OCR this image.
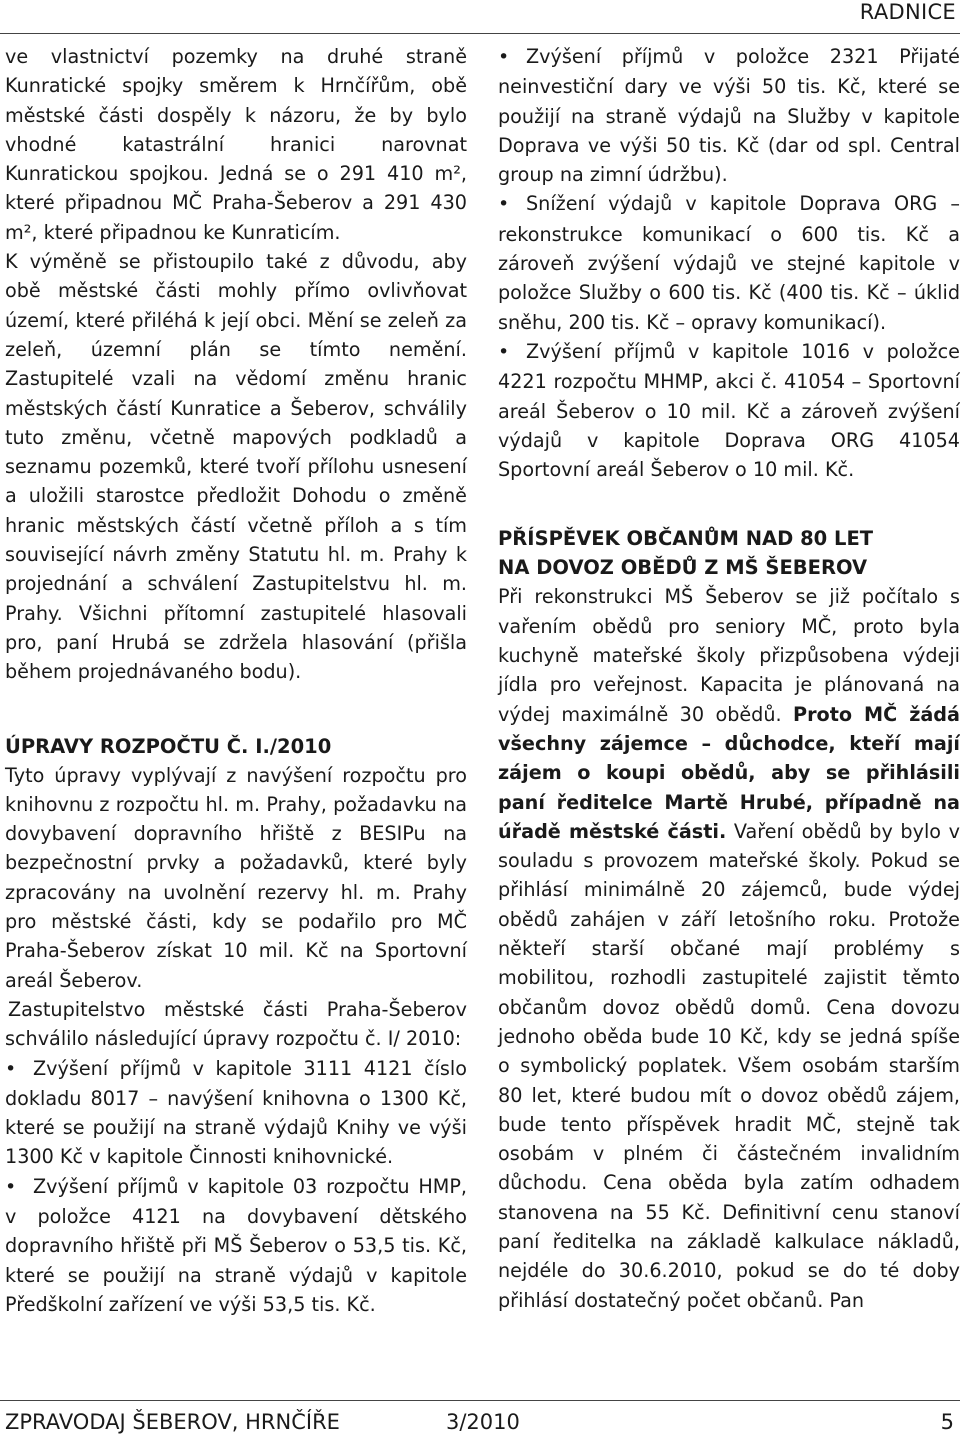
RADNICE

ve vlastnictví pozemky na druhé straně Kunratické spojky směrem k Hrnčířům, obě městské části dospěly k názoru, že by bylo vhodné katastrální hranici narovnat Kunratickou spojkou. Jedná se o 291 410 m², které připadnou MČ Praha-Šeberov a 291 430 m², které připadnou ke Kunraticím.

K výměně se přistoupilo také z důvodu, aby obě městské části mohly přímo ovlivňovat území, které přiléhá k její obci. Mění se zeleň za zeleň, územní plán se tímto nemění. Zastupitelé vzali na vědomí změnu hranic městských částí Kunratice a Šeberov, schválily tuto změnu, včetně mapových podkladů a seznamu pozemků, které tvoří přílohu usnesení a uložili starostce předložit Dohodu o změně hranic městských částí včetně příloh a s tím související návrh změny Statutu hl. m. Prahy k projednání a schválení Zastupitelstvu hl. m. Prahy. Všichni přítomní zastupitelé hlasovali pro, paní Hrubá se zdržela hlasování (přišla během projednávaného bodu).

ÚPRAVY ROZPOČTU Č. I./2010

Tyto úpravy vyplývají z navýšení rozpočtu pro knihovnu z rozpočtu hl. m. Prahy, požadavku na dovybavení dopravního hřiště z BESIPu na bezpečnostní prvky a požadavků, které byly zpracovány na uvolnění rezervy hl. m. Prahy pro městské části, kdy se podařilo pro MČ Praha-Šeberov získat 10 mil. Kč na Sportovní areál Šeberov.

Zastupitelstvo městské části Praha-Šeberov schválilo následující úpravy rozpočtu č. I/ 2010:

• Zvýšení příjmů v kapitole 3111 4121 číslo dokladu 8017 – navýšení knihovna o 1300 Kč, které se použijí na straně výdajů Knihy ve výši 1300 Kč v kapitole Činnosti knihovnické.
• Zvýšení příjmů v kapitole 03 rozpočtu HMP, v položce 4121 na dovybavení dětského dopravního hřiště při MŠ Šeberov o 53,5 tis. Kč, které se použijí na straně výdajů v kapitole Předškolní zařízení ve výši 53,5 tis. Kč.
• Zvýšení příjmů v položce 2321 Přijaté neinvestiční dary ve výši 50 tis. Kč, které se použijí na straně výdajů na Služby v kapitole Doprava ve výši 50 tis. Kč (dar od spl. Central group na zimní údržbu).
• Snížení výdajů v kapitole Doprava ORG – rekonstrukce komunikací o 600 tis. Kč a zároveň zvýšení výdajů ve stejné kapitole v položce Služby o 600 tis. Kč (400 tis. Kč – úklid sněhu, 200 tis. Kč – opravy komunikací).
• Zvýšení příjmů v kapitole 1016 v položce 4221 rozpočtu MHMP, akci č. 41054 – Sportovní areál Šeberov o 10 mil. Kč a zároveň zvýšení výdajů v kapitole Doprava ORG 41054 Sportovní areál Šeberov o 10 mil. Kč.
PŘÍSPĚVEK OBČANŮM NAD 80 LET
NA DOVOZ OBĚDŮ Z MŠ ŠEBEROV

Při rekonstrukci MŠ Šeberov se již počítalo s vařením obědů pro seniory MČ, proto byla kuchyně mateřské školy přizpůsobena výdeji jídla pro veřejnost. Kapacita je plánovaná na výdej maximálně 30 obědů. Proto MČ žádá všechny zájemce – důchodce, kteří mají zájem o koupi obědů, aby se přihlásili paní ředitelce Martě Hrubé, případně na úřadě městské části. Vaření obědů by bylo v souladu s provozem mateřské školy. Pokud se přihlásí minimálně 20 zájemců, bude výdej obědů zahájen v září letošního roku. Protože někteří starší občané mají problémy s mobilitou, rozhodli zastupitelé zajistit těmto občanům dovoz obědů domů. Cena dovozu jednoho oběda bude 10 Kč, kdy se jedná spíše o symbolický poplatek. Všem osobám starším 80 let, které budou mít o dovoz obědů zájem, bude tento příspěvek hradit MČ, stejně tak osobám v plném či částečném invalidním důchodu. Cena oběda byla zatím odhadem stanovena na 55 Kč. Definitivní cenu stanoví paní ředitelka na základě kalkulace nákladů, nejdéle do 30.6.2010, pokud se do té doby přihlásí dostatečný počet občanů. Pan

ZPRAVODAJ ŠEBEROV, HRNČÍŘE	3/2010	5
